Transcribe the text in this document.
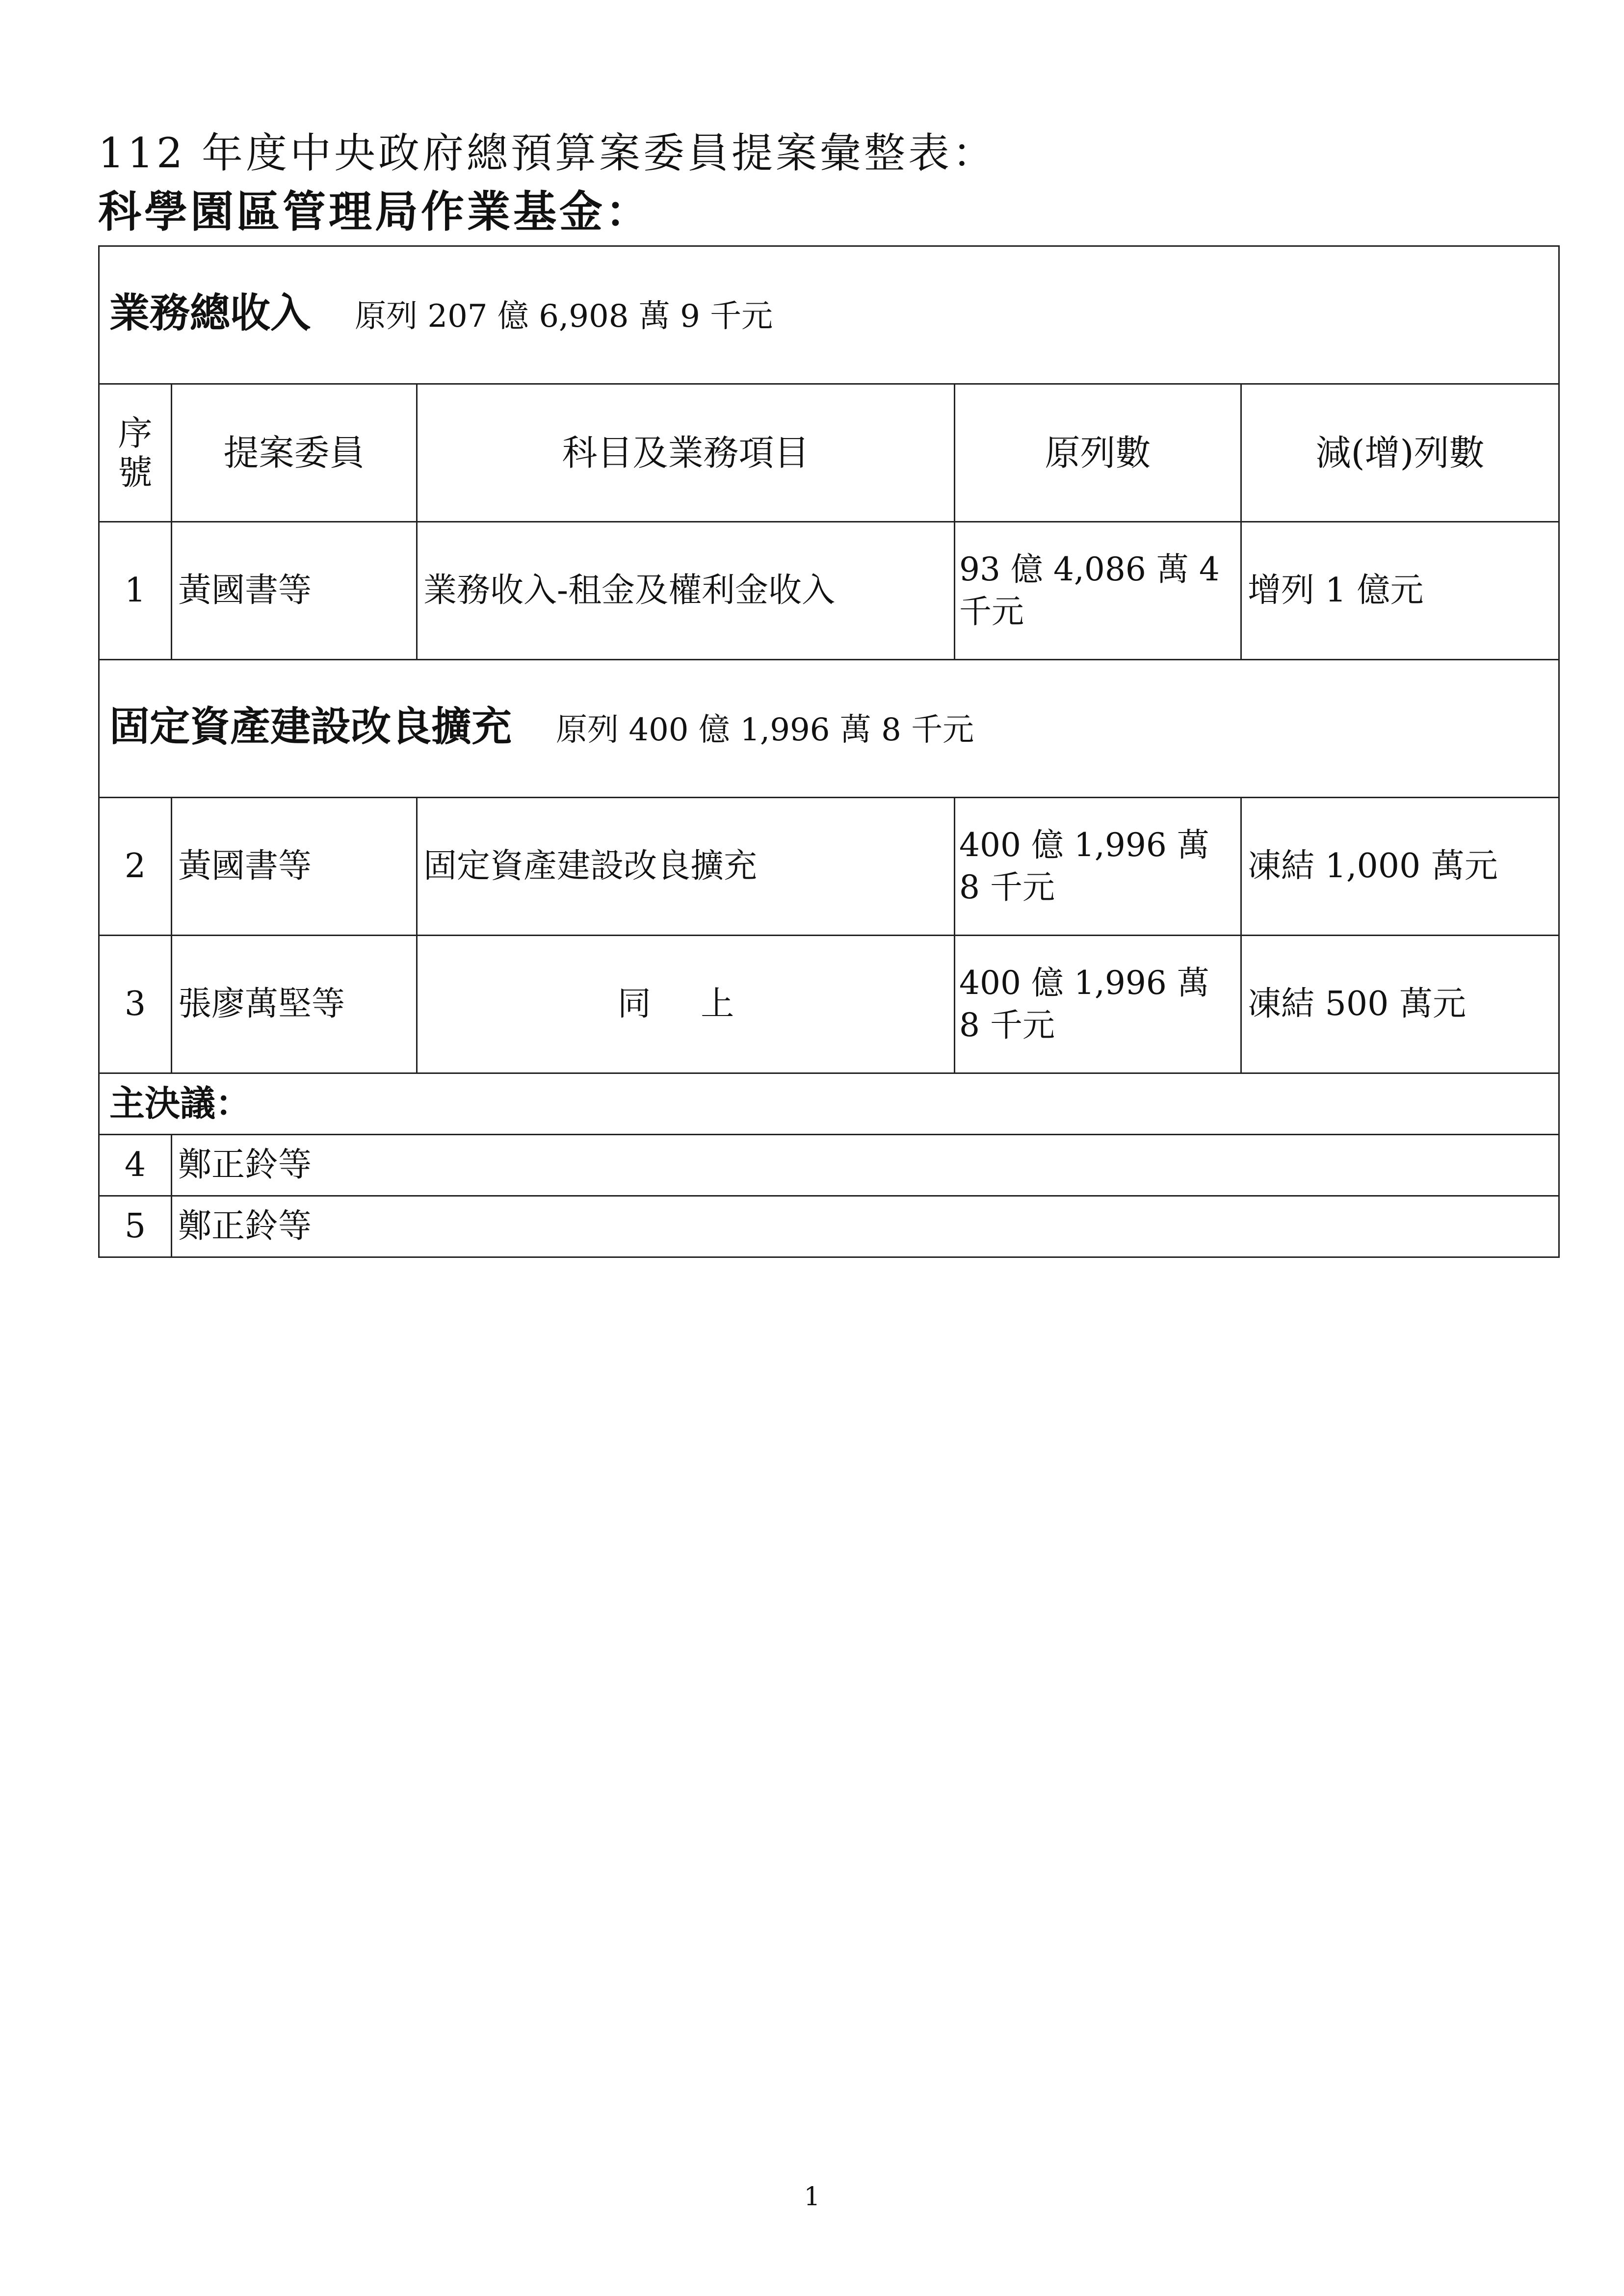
112 年度中央政府總預算案委員提案彙整表：
科學園區管理局作業基金：
業務總收入 原列 207 億 6,908 萬 9 千元				
序號	提案委員	科目及業務項目	原列數	減(增)列數
1	黃國書等	業務收入-租金及權利金收入	93 億 4,086 萬 4 千元	增列 1 億元
固定資產建設改良擴充 原列 400 億 1,996 萬 8 千元				
2	黃國書等	固定資產建設改良擴充	400 億 1,996 萬 8 千元	凍結 1,000 萬元
3	張廖萬堅等	同 上	400 億 1,996 萬 8 千元	凍結 500 萬元
主決議：				
4	鄭正鈴等			
5	鄭正鈴等			
1
